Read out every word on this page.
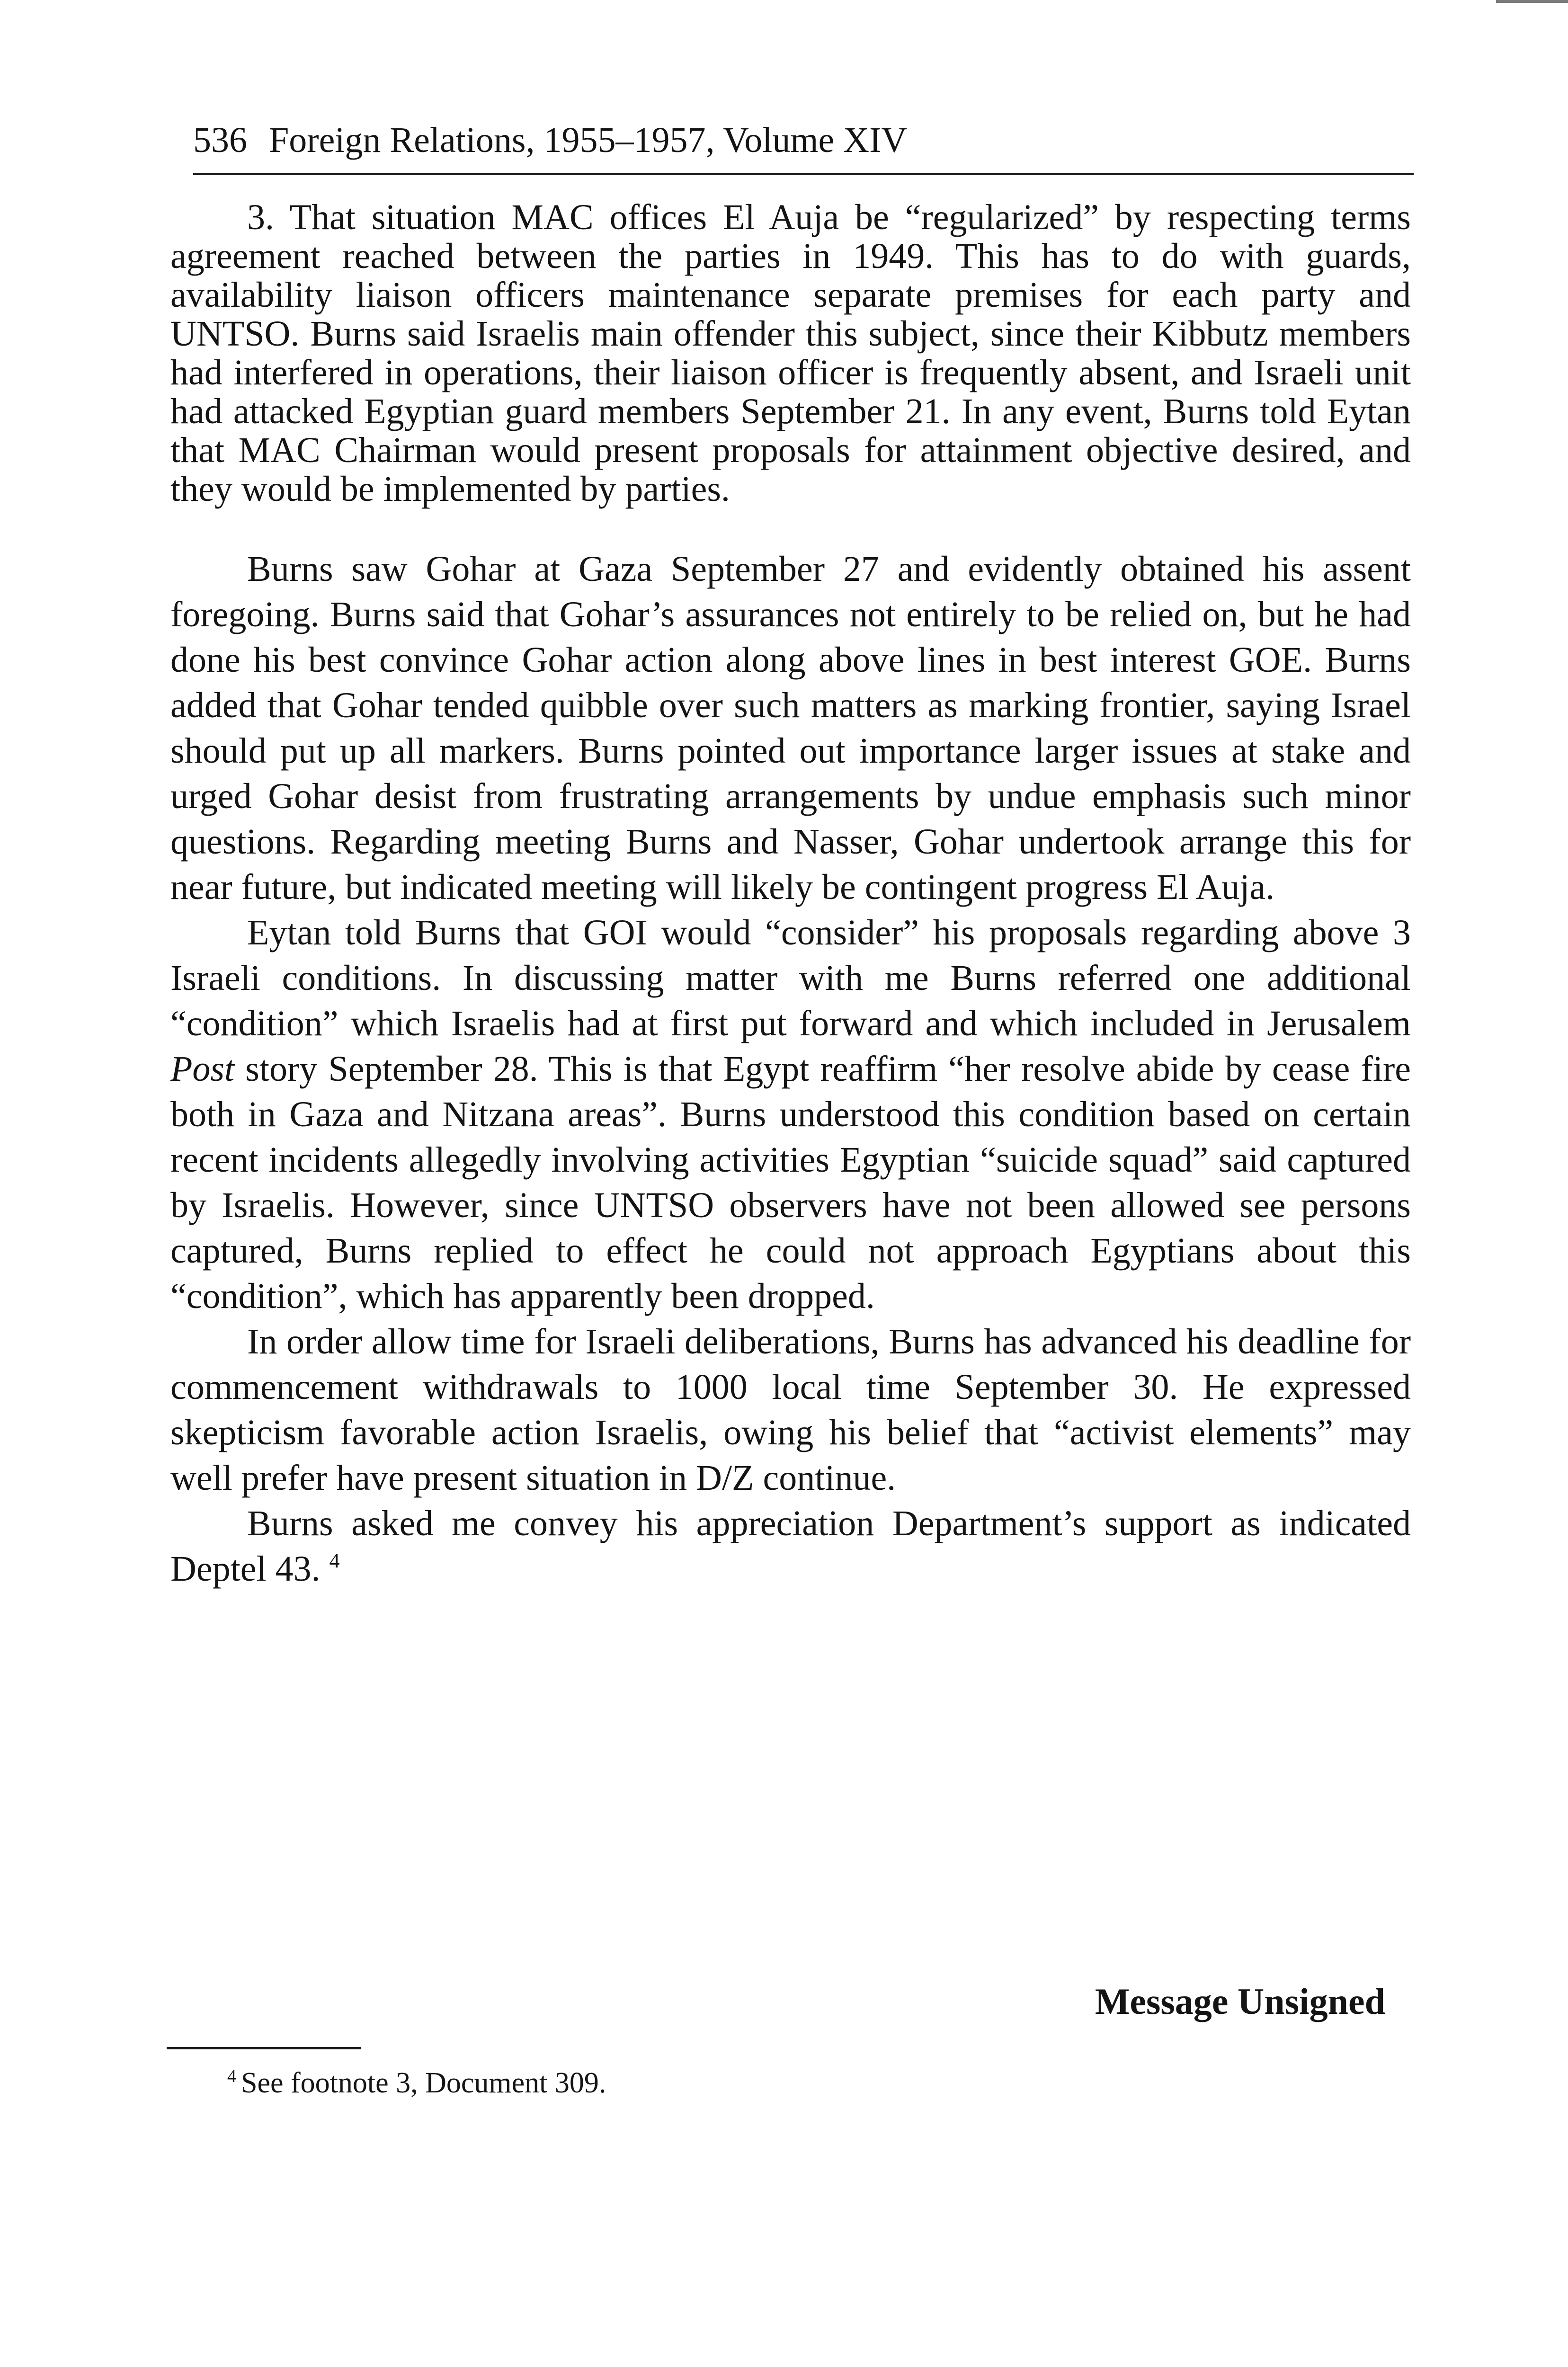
536 Foreign Relations, 1955–1957, Volume XIV

3. That situation MAC offices El Auja be “regularized” by respecting terms agreement reached between the parties in 1949. This has to do with guards, availability liaison officers maintenance separate premises for each party and UNTSO. Burns said Israelis main offender this subject, since their Kibbutz members had interfered in operations, their liaison officer is frequently absent, and Israeli unit had attacked Egyptian guard members September 21. In any event, Burns told Eytan that MAC Chairman would present proposals for attainment objective desired, and they would be implemented by parties.

Burns saw Gohar at Gaza September 27 and evidently obtained his assent foregoing. Burns said that Gohar’s assurances not entirely to be relied on, but he had done his best convince Gohar action along above lines in best interest GOE. Burns added that Gohar tended quibble over such matters as marking frontier, saying Israel should put up all markers. Burns pointed out importance larger issues at stake and urged Gohar desist from frustrating arrangements by undue emphasis such minor questions. Regarding meeting Burns and Nasser, Gohar undertook arrange this for near future, but indicated meeting will likely be contingent progress El Auja.

Eytan told Burns that GOI would “consider” his proposals regarding above 3 Israeli conditions. In discussing matter with me Burns referred one additional “condition” which Israelis had at first put forward and which included in Jerusalem Post story September 28. This is that Egypt reaffirm “her resolve abide by cease fire both in Gaza and Nitzana areas”. Burns understood this condition based on certain recent incidents allegedly involving activities Egyptian “suicide squad” said captured by Israelis. However, since UNTSO observers have not been allowed see persons captured, Burns replied to effect he could not approach Egyptians about this “condition”, which has apparently been dropped.

In order allow time for Israeli deliberations, Burns has advanced his deadline for commencement withdrawals to 1000 local time September 30. He expressed skepticism favorable action Israelis, owing his belief that “activist elements” may well prefer have present situation in D/Z continue.

Burns asked me convey his appreciation Department’s support as indicated Deptel 43. $^4$

Message Unsigned
$^4$ See footnote 3, Document 309.
